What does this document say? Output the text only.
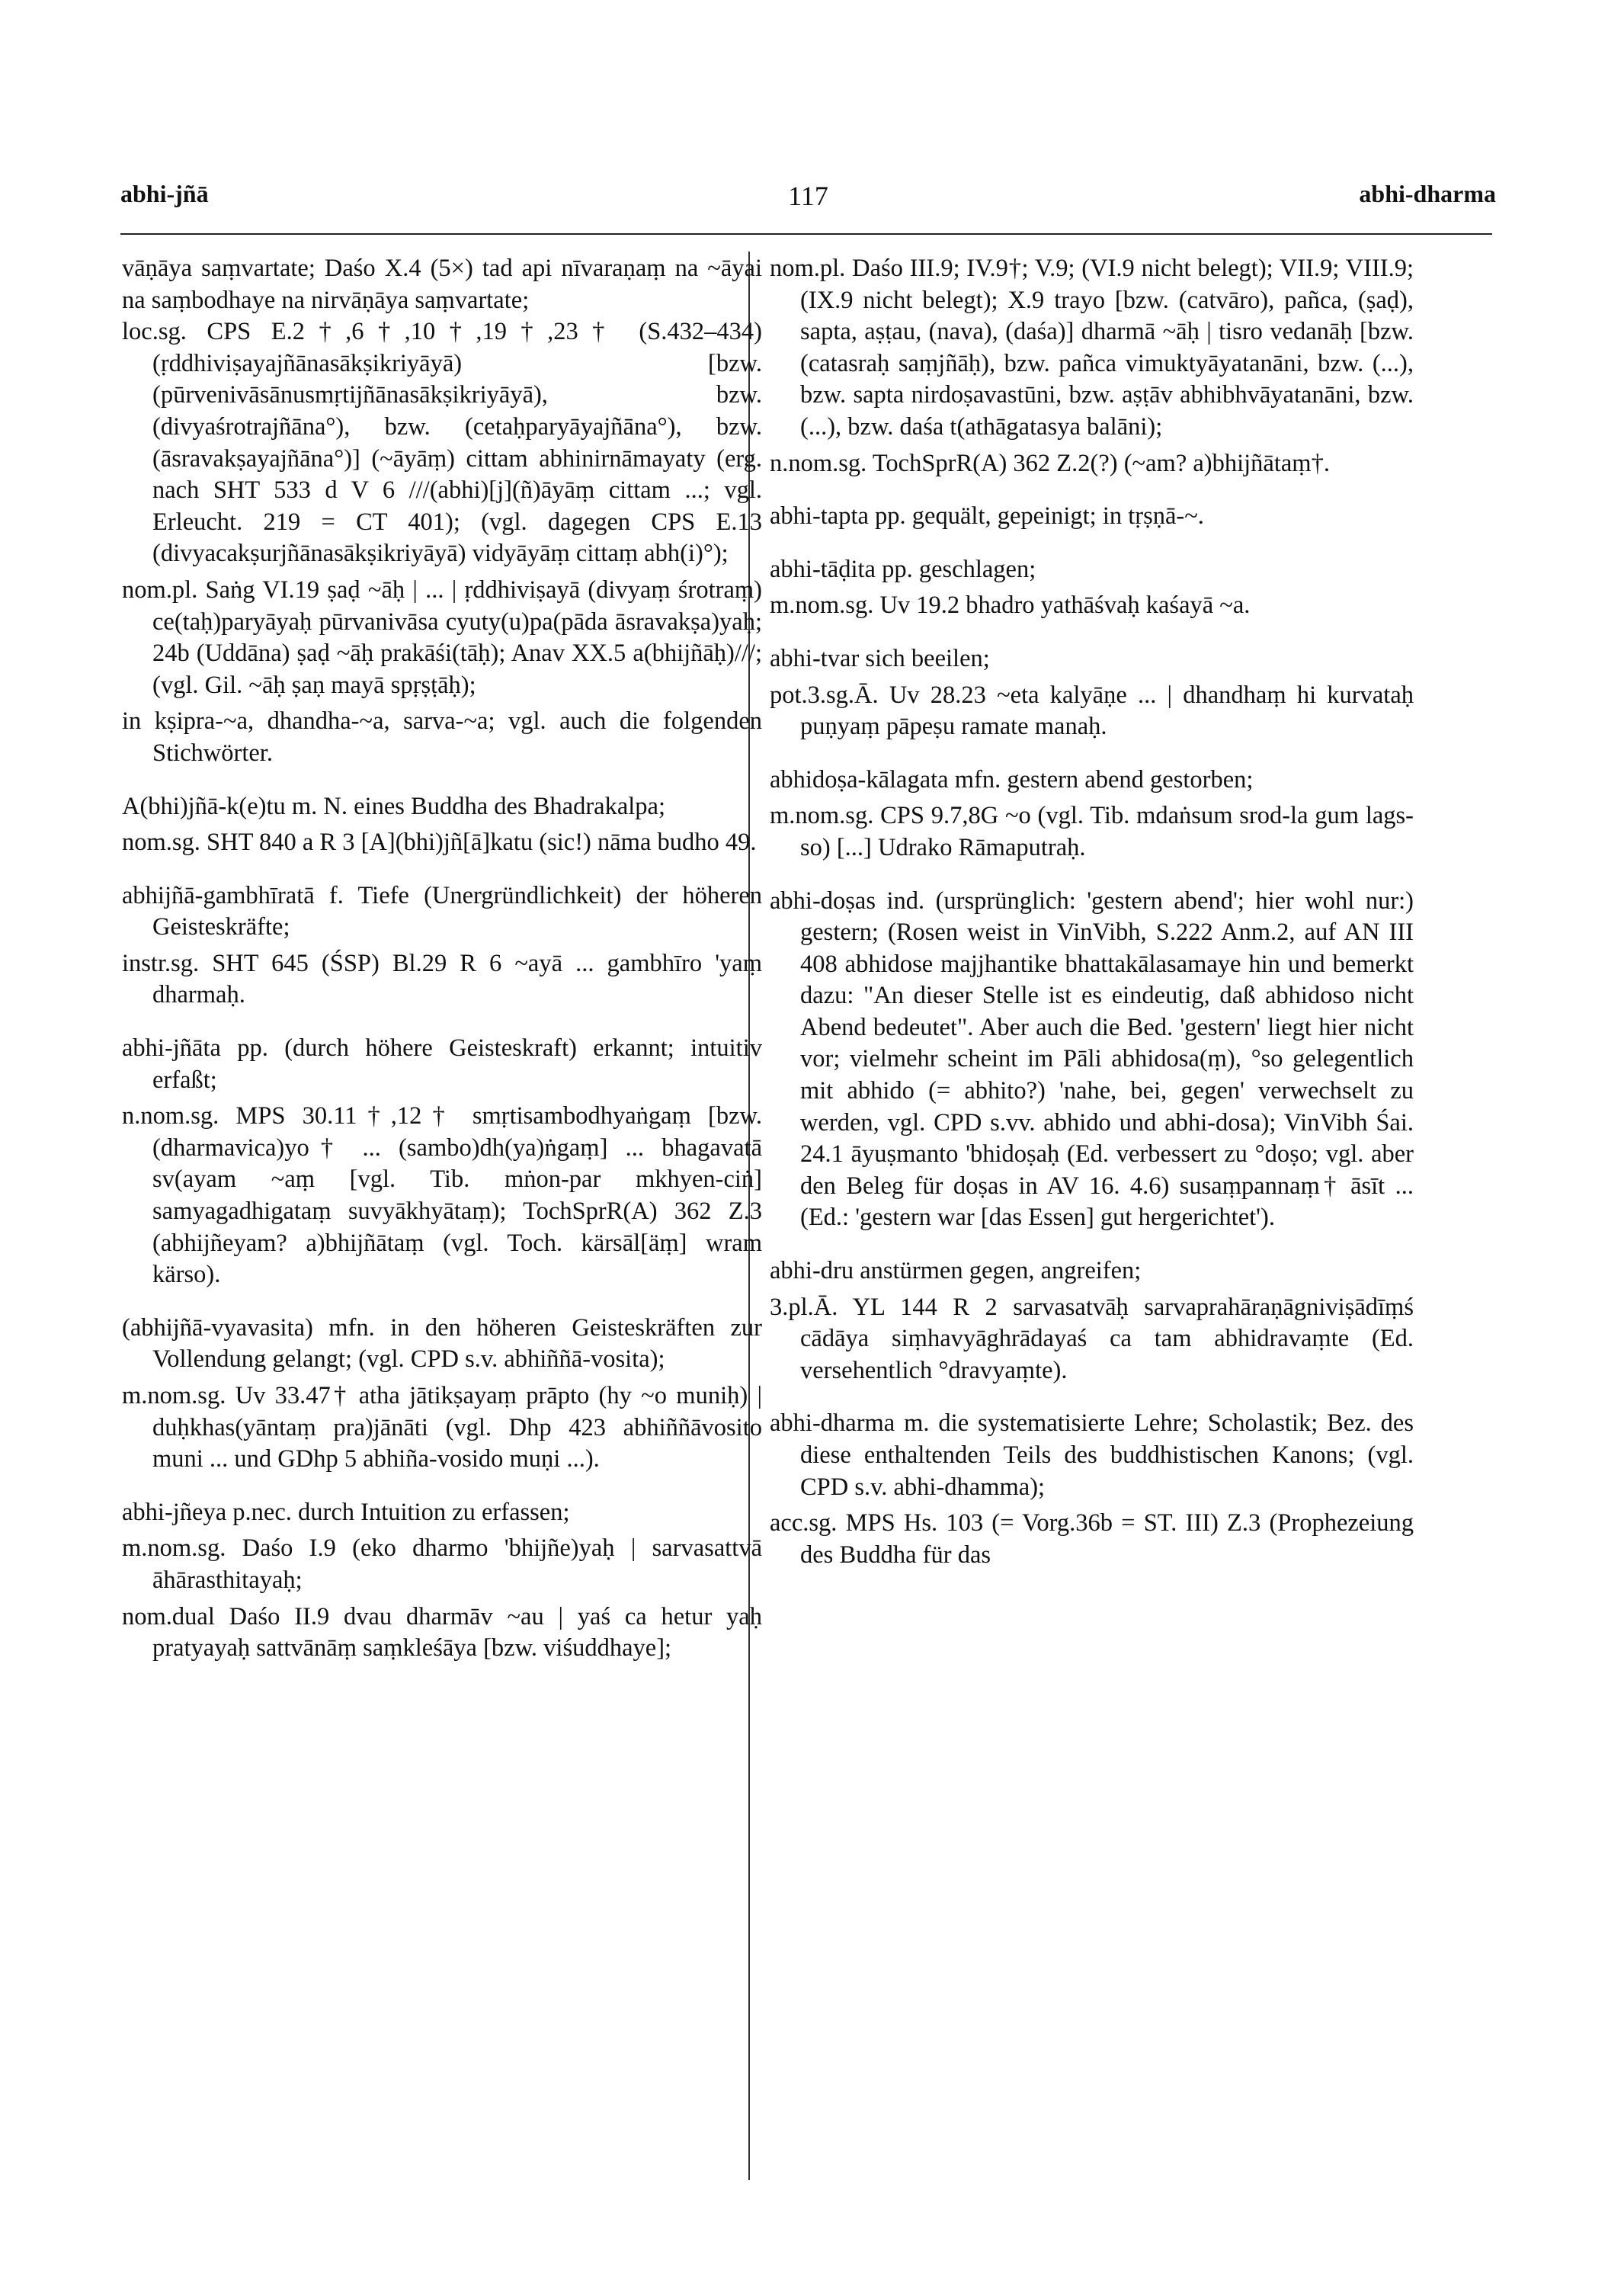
abhi-jñā	117	abhi-dharma

vāṇāya saṃvartate; Daśo X.4 (5×) tad api nīvaraṇaṃ na ~āyai na saṃbodhaye na nirvāṇāya saṃvartate;

loc.sg. CPS E.2†,6†,10†,19†,23† (S.432–434) (ṛddhiviṣayajñānasākṣikriyāyā) [bzw. (pūrvenivāsānusmṛtijñānasākṣikriyāyā), bzw. (divyaśrotrajñāna°), bzw. (cetaḥparyāyajñāna°), bzw. (āsravakṣayajñāna°)] (~āyāṃ) cittam abhinirnāmayaty (erg. nach SHT 533 d V 6 ///(abhi)[j](ñ)āyāṃ cittam ...; vgl. Erleucht. 219 = CT 401); (vgl. dagegen CPS E.13 (divyacakṣurjñānasākṣikriyāyā) vidyāyāṃ cittaṃ abh(i)°);

nom.pl. Saṅg VI.19 ṣaḍ ~āḥ | ... | ṛddhiviṣayā (divyaṃ śrotraṃ) ce(taḥ)paryāyaḥ pūrvanivāsa cyuty(u)pa(pāda āsravakṣa)yaḥ; 24b (Uddāna) ṣaḍ ~āḥ prakāśi(tāḥ); Anav XX.5 a(bhijñāḥ)///; (vgl. Gil. ~āḥ ṣaṇ mayā spṛṣṭāḥ);

in kṣipra-~a, dhandha-~a, sarva-~a; vgl. auch die folgenden Stichwörter.

A(bhi)jñā-k(e)tu m. N. eines Buddha des Bhadrakalpa;

nom.sg. SHT 840 a R 3 [A](bhi)jñ[ā]katu (sic!) nāma budho 49.

abhijñā-gambhīratā f. Tiefe (Unergründlichkeit) der höheren Geisteskräfte;

instr.sg. SHT 645 (ŚSP) Bl.29 R 6 ~ayā ... gambhīro 'yaṃ dharmaḥ.

abhi-jñāta pp. (durch höhere Geisteskraft) erkannt; intuitiv erfaßt;

n.nom.sg. MPS 30.11†,12† smṛtisambodhyaṅgaṃ [bzw. (dharmavica)yo† ... (sambo)dh(ya)ṅgaṃ] ... bhagavatā sv(ayam ~aṃ [vgl. Tib. mṅon-par mkhyen-ciṅ] samyagadhigataṃ suvyākhyātaṃ); TochSprR(A) 362 Z.3 (abhijñeyam? a)bhijñātaṃ (vgl. Toch. kärsāl[äṃ] wram kärso).

(abhijñā-vyavasita) mfn. in den höheren Geisteskräften zur Vollendung gelangt; (vgl. CPD s.v. abhiññā-vosita);

m.nom.sg. Uv 33.47† atha jātikṣayaṃ prāpto (hy ~o muniḥ) | duḥkhas(yāntaṃ pra)jānāti (vgl. Dhp 423 abhiññāvosito muni ... und GDhp 5 abhiña-vosido muṇi ...).

abhi-jñeya p.nec. durch Intuition zu erfassen;

m.nom.sg. Daśo I.9 (eko dharmo 'bhijñe)yaḥ | sarvasattvā āhārasthitayaḥ;

nom.dual Daśo II.9 dvau dharmāv ~au | yaś ca hetur yaḥ pratyayaḥ sattvānāṃ saṃkleśāya [bzw. viśuddhaye];

nom.pl. Daśo III.9; IV.9†; V.9; (VI.9 nicht belegt); VII.9; VIII.9; (IX.9 nicht belegt); X.9 trayo [bzw. (catvāro), pañca, (ṣaḍ), sapta, aṣṭau, (nava), (daśa)] dharmā ~āḥ | tisro vedanāḥ [bzw. (catasraḥ saṃjñāḥ), bzw. pañca vimuktyāyatanāni, bzw. (...), bzw. sapta nirdoṣavastūni, bzw. aṣṭāv abhibhvāyatanāni, bzw. (...), bzw. daśa t(athāgatasya balāni);

n.nom.sg. TochSprR(A) 362 Z.2(?) (~am? a)bhijñātaṃ†.

abhi-tapta pp. gequält, gepeinigt; in tṛṣṇā-~.

abhi-tāḍita pp. geschlagen;

m.nom.sg. Uv 19.2 bhadro yathāśvaḥ kaśayā ~a.

abhi-tvar sich beeilen;

pot.3.sg.Ā. Uv 28.23 ~eta kalyāṇe ... | dhandhaṃ hi kurvataḥ puṇyaṃ pāpeṣu ramate manaḥ.

abhidoṣa-kālagata mfn. gestern abend gestorben;

m.nom.sg. CPS 9.7,8G ~o (vgl. Tib. mdaṅsum srod-la gum lags-so) [...] Udrako Rāmaputraḥ.

abhi-doṣas ind. (ursprünglich: 'gestern abend'; hier wohl nur:) gestern; (Rosen weist in VinVibh, S.222 Anm.2, auf AN III 408 abhidose majjhantike bhattakālasamaye hin und bemerkt dazu: "An dieser Stelle ist es eindeutig, daß abhidoso nicht Abend bedeutet". Aber auch die Bed. 'gestern' liegt hier nicht vor; vielmehr scheint im Pāli abhidosa(ṃ), °so gelegentlich mit abhido (= abhito?) 'nahe, bei, gegen' verwechselt zu werden, vgl. CPD s.vv. abhido und abhi-dosa); VinVibh Śai. 24.1 āyuṣmanto 'bhidoṣaḥ (Ed. verbessert zu °doṣo; vgl. aber den Beleg für doṣas in AV 16. 4.6) susaṃpannaṃ† āsīt ... (Ed.: 'gestern war [das Essen] gut hergerichtet').

abhi-dru anstürmen gegen, angreifen;

3.pl.Ā. YL 144 R 2 sarvasatvāḥ sarvaprahāraṇāgniviṣādīṃś cādāya siṃhavyāghrādayaś ca tam abhidravaṃte (Ed. versehentlich °dravyaṃte).

abhi-dharma m. die systematisierte Lehre; Scholastik; Bez. des diese enthaltenden Teils des buddhistischen Kanons; (vgl. CPD s.v. abhi-dhamma);

acc.sg. MPS Hs. 103 (= Vorg.36b = ST. III) Z.3 (Prophezeiung des Buddha für das
